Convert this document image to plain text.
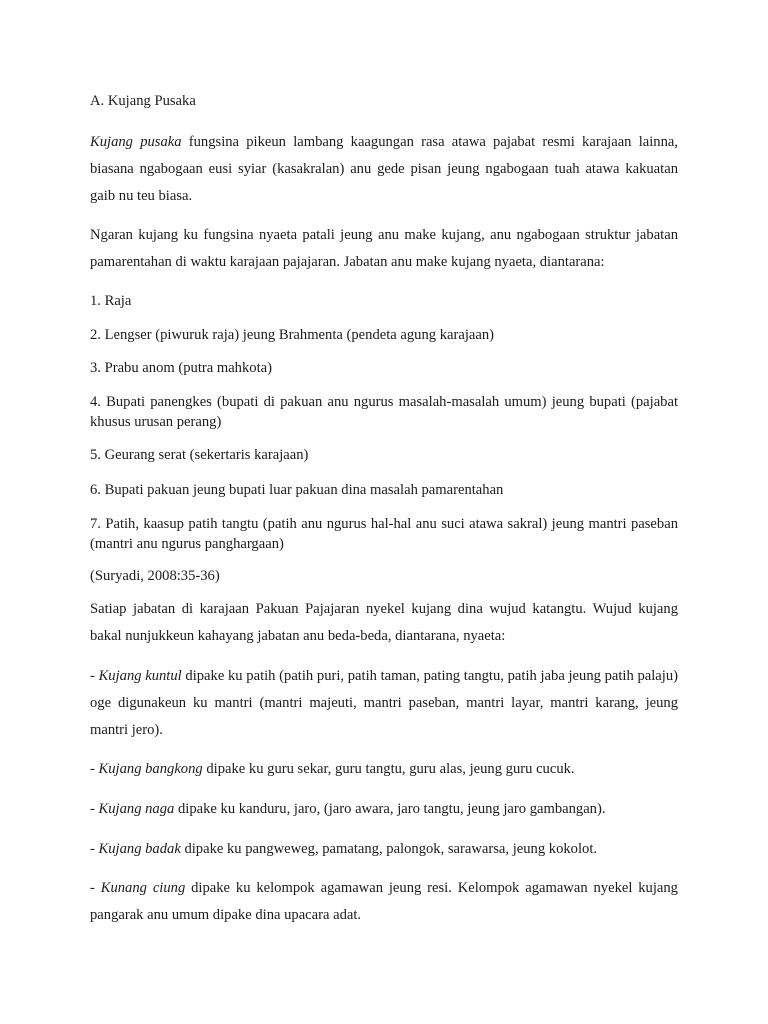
A. Kujang Pusaka

Kujang pusaka fungsina pikeun lambang kaagungan rasa atawa pajabat resmi karajaan lainna, biasana ngabogaan eusi syiar (kasakralan) anu gede pisan jeung ngabogaan tuah atawa kakuatan gaib nu teu biasa.

Ngaran kujang ku fungsina nyaeta patali jeung anu make kujang, anu ngabogaan struktur jabatan pamarentahan di waktu karajaan pajajaran. Jabatan anu make kujang nyaeta, diantarana:

1. Raja

2. Lengser (piwuruk raja) jeung Brahmenta (pendeta agung karajaan)

3. Prabu anom (putra mahkota)

4. Bupati panengkes (bupati di pakuan anu ngurus masalah-masalah umum) jeung bupati (pajabat khusus urusan perang)

5. Geurang serat (sekertaris karajaan)

6. Bupati pakuan jeung bupati luar pakuan dina masalah pamarentahan

7. Patih, kaasup patih tangtu (patih anu ngurus hal-hal anu suci atawa sakral) jeung mantri paseban (mantri anu ngurus panghargaan)

(Suryadi, 2008:35-36)

Satiap jabatan di karajaan Pakuan Pajajaran nyekel kujang dina wujud katangtu. Wujud kujang bakal nunjukkeun kahayang jabatan anu beda-beda, diantarana, nyaeta:

- Kujang kuntul dipake ku patih (patih puri, patih taman, pating tangtu, patih jaba jeung patih palaju) oge digunakeun ku mantri (mantri majeuti, mantri paseban, mantri layar, mantri karang, jeung mantri jero).

- Kujang bangkong dipake ku guru sekar, guru tangtu, guru alas, jeung guru cucuk.

- Kujang naga dipake ku kanduru, jaro, (jaro awara, jaro tangtu, jeung jaro gambangan).

- Kujang badak dipake ku pangweweg, pamatang, palongok, sarawarsa, jeung kokolot.

- Kunang ciung dipake ku kelompok agamawan jeung resi. Kelompok agamawan nyekel kujang pangarak anu umum dipake dina upacara adat.
